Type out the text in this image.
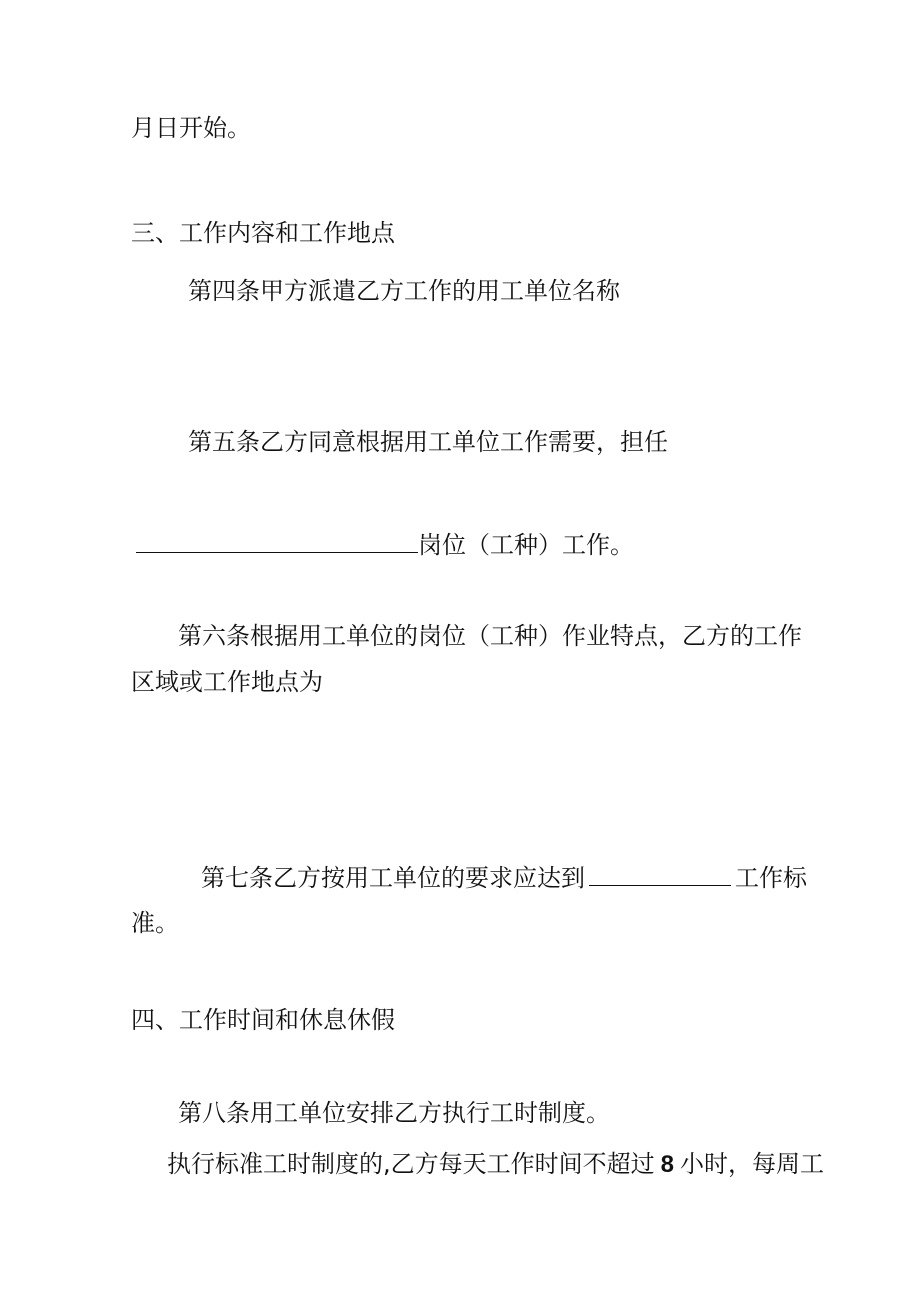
月日开始。
三、工作内容和工作地点
第四条甲方派遣乙方工作的用工单位名称
第五条乙方同意根据用工单位工作需要，担任
岗位（工种）工作。
第六条根据用工单位的岗位（工种）作业特点，乙方的工作
区域或工作地点为
第七条乙方按用工单位的要求应达到	工作标
准。
四、工作时间和休息休假
第八条用工单位安排乙方执行工时制度。
执行标准工时制度的,乙方每天工作时间不超过 8 小时，每周工
